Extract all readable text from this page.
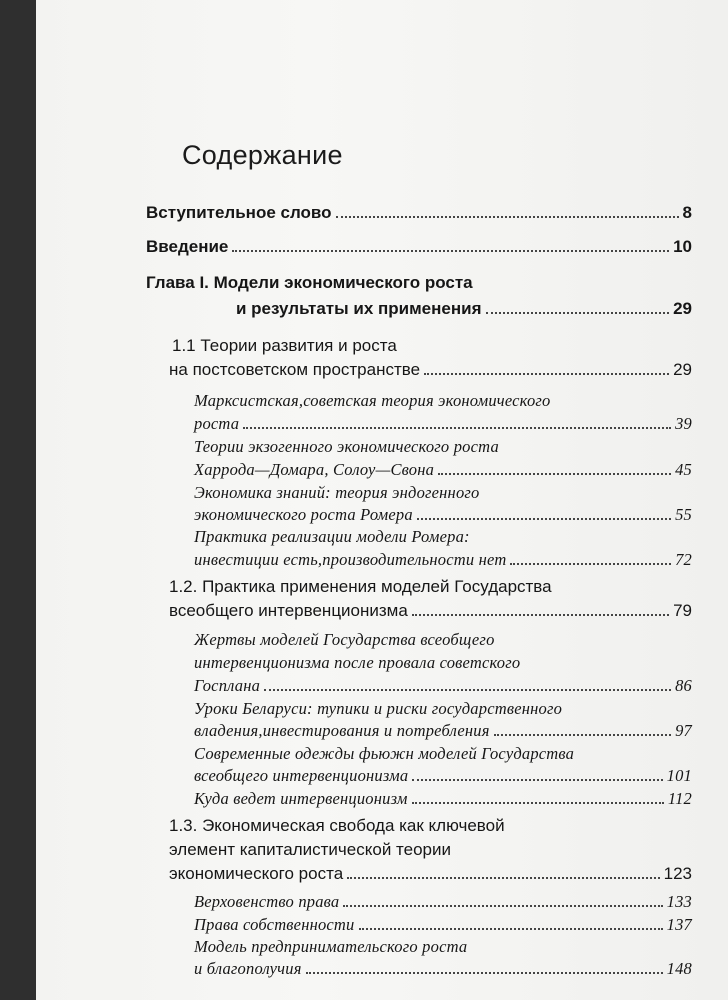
Содержание
Вступительное слово	8
Введение	10
Глава I. Модели экономического роста
и результаты их применения	29
1.1 Теории развития и роста
на постсоветском пространстве	29
Марксистская,советская теория экономического
роста	39
Теории экзогенного экономического роста
Харрода—Домара, Солоу—Свона	45
Экономика знаний: теория эндогенного
экономического роста Ромера	55
Практика реализации модели Ромера:
инвестиции есть,производительности нет	72
1.2. Практика применения моделей Государства
всеобщего интервенционизма	79
Жертвы моделей Государства всеобщего
интервенционизма после провала советского
Госплана	86
Уроки Беларуси: тупики и риски государственного
владения,инвестирования и потребления	97
Современные одежды фьюжн моделей Государства
всеобщего интервенционизма	101
Куда ведет интервенционизм	112
1.3. Экономическая свобода как ключевой
элемент капиталистической теории
экономического роста	123
Верховенство права	133
Права собственности	137
Модель предпринимательского роста
и благополучия	148
